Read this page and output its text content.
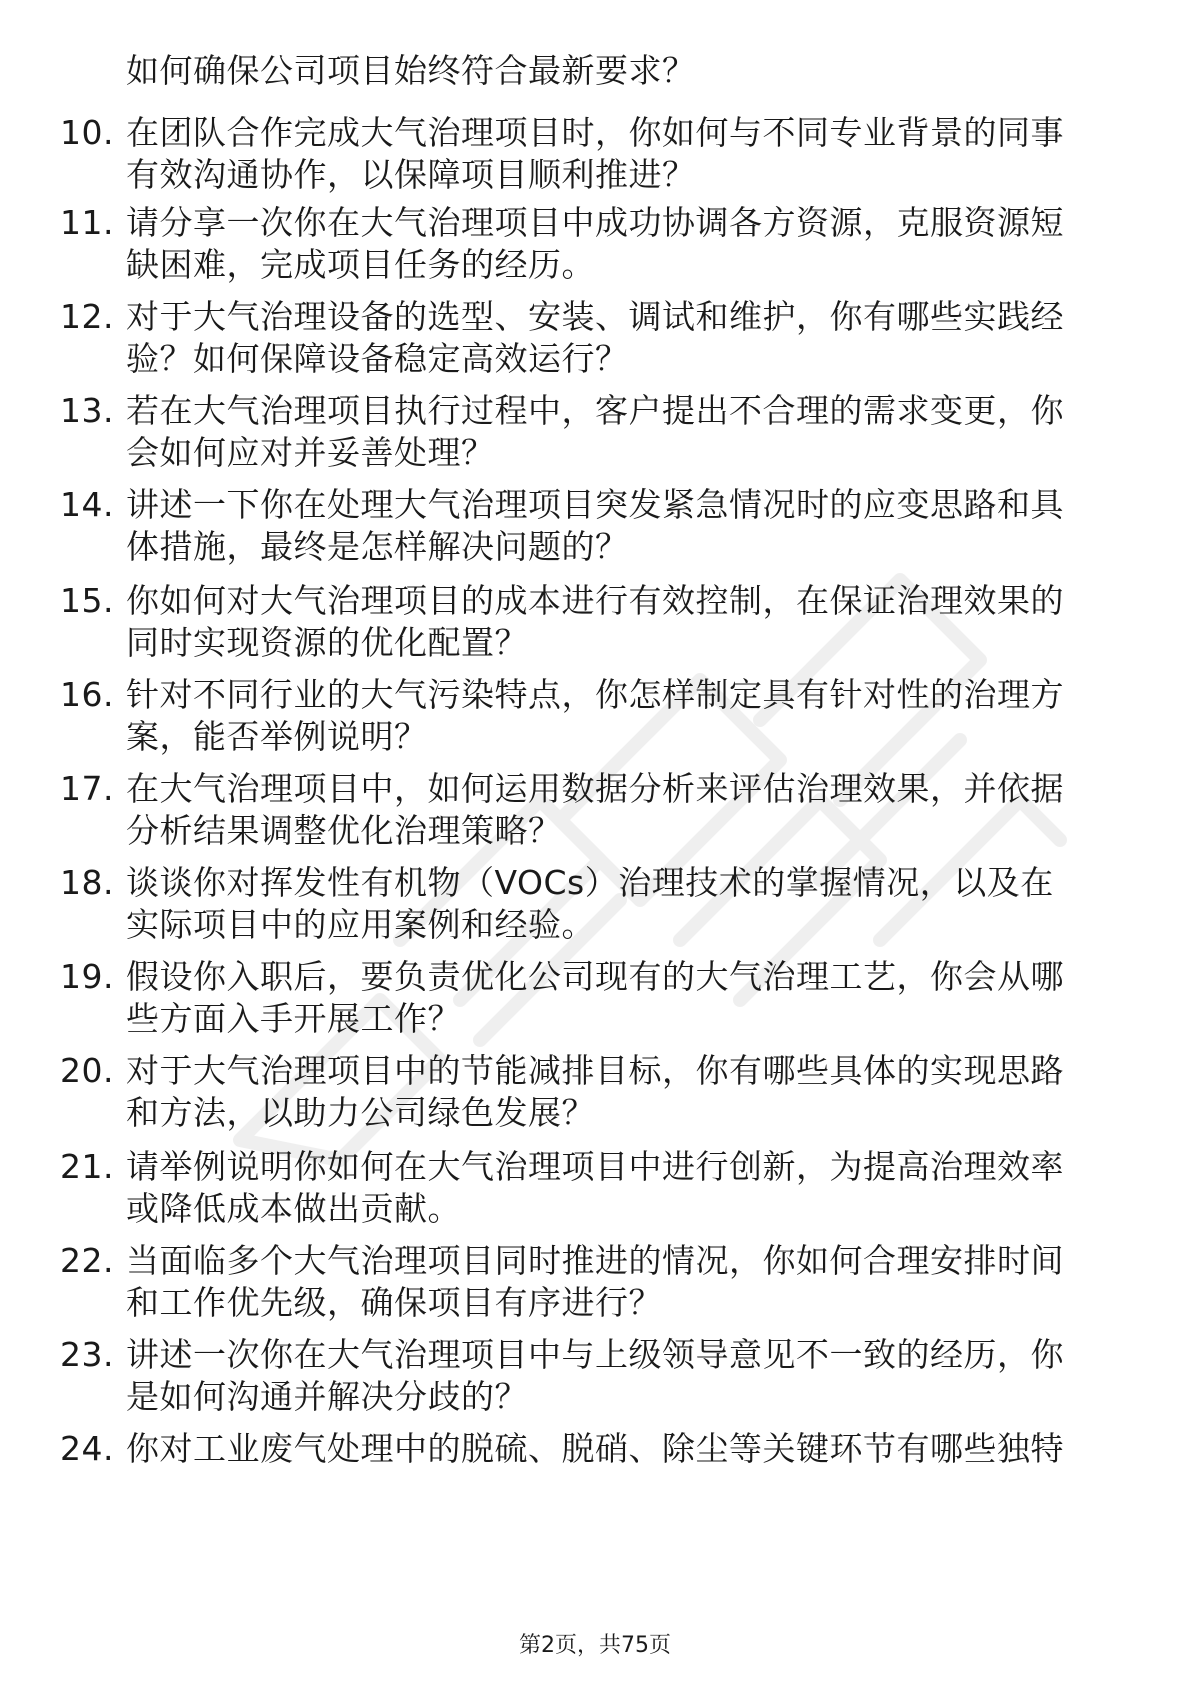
如何确保公司项目始终符合最新要求？
10. 在团队合作完成大气治理项目时，你如何与不同专业背景的同事
有效沟通协作，以保障项目顺利推进？
11. 请分享一次你在大气治理项目中成功协调各方资源，克服资源短
缺困难，完成项目任务的经历。
12. 对于大气治理设备的选型、安装、调试和维护，你有哪些实践经
验？如何保障设备稳定高效运行？
13. 若在大气治理项目执行过程中，客户提出不合理的需求变更，你
会如何应对并妥善处理？
14. 讲述一下你在处理大气治理项目突发紧急情况时的应变思路和具
体措施，最终是怎样解决问题的？
15. 你如何对大气治理项目的成本进行有效控制，在保证治理效果的
同时实现资源的优化配置？
16. 针对不同行业的大气污染特点，你怎样制定具有针对性的治理方
案，能否举例说明？
17. 在大气治理项目中，如何运用数据分析来评估治理效果，并依据
分析结果调整优化治理策略？
18. 谈谈你对挥发性有机物（VOCs）治理技术的掌握情况，以及在
实际项目中的应用案例和经验。
19. 假设你入职后，要负责优化公司现有的大气治理工艺，你会从哪
些方面入手开展工作？
20. 对于大气治理项目中的节能减排目标，你有哪些具体的实现思路
和方法，以助力公司绿色发展？
21. 请举例说明你如何在大气治理项目中进行创新，为提高治理效率
或降低成本做出贡献。
22. 当面临多个大气治理项目同时推进的情况，你如何合理安排时间
和工作优先级，确保项目有序进行？
23. 讲述一次你在大气治理项目中与上级领导意见不一致的经历，你
是如何沟通并解决分歧的？
24. 你对工业废气处理中的脱硫、脱硝、除尘等关键环节有哪些独特
第2页，共75页
